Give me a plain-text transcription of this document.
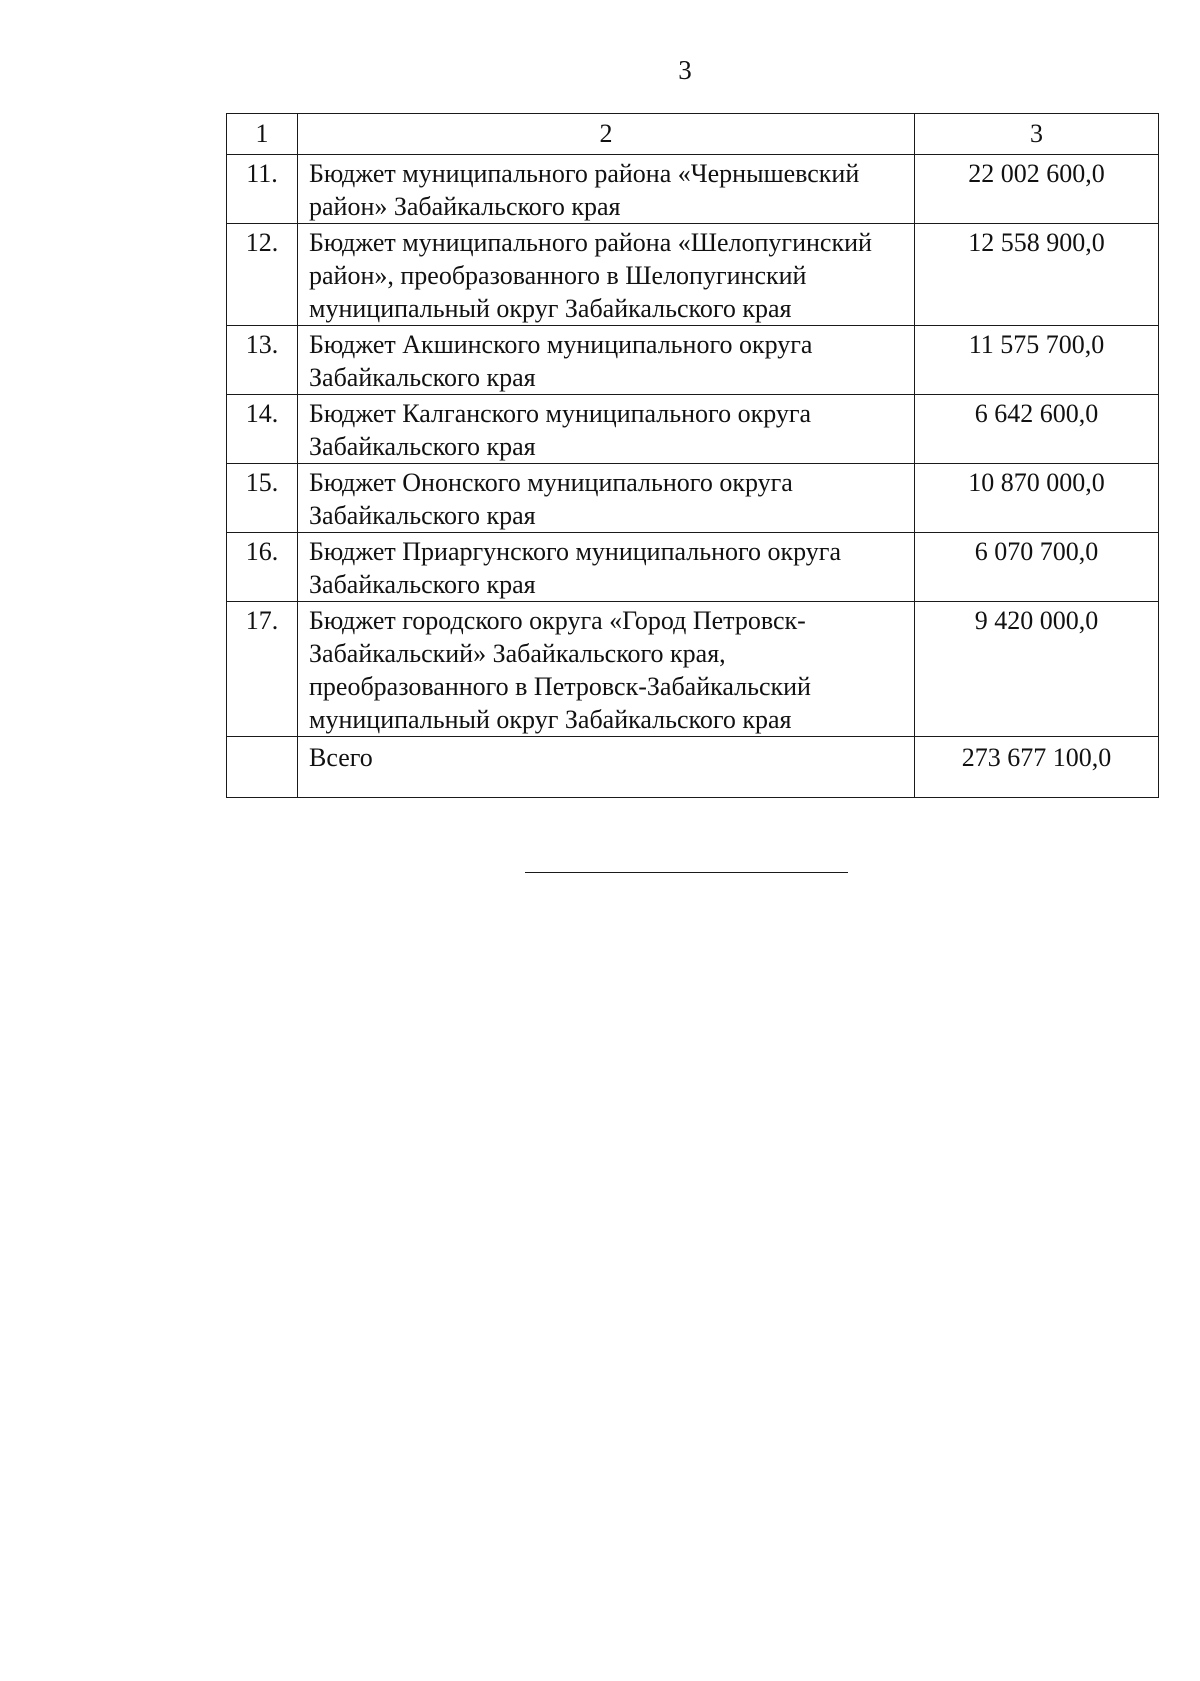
3
1	2	3
11.	Бюджет муниципального района «Чернышевский район» Забайкальского края	22 002 600,0
12.	Бюджет муниципального района «Шелопугинский район», преобразованного в Шелопугинский муниципальный округ Забайкальского края	12 558 900,0
13.	Бюджет Акшинского муниципального округа Забайкальского края	11 575 700,0
14.	Бюджет Калганского муниципального округа Забайкальского края	6 642 600,0
15.	Бюджет Ононского муниципального округа Забайкальского края	10 870 000,0
16.	Бюджет Приаргунского муниципального округа Забайкальского края	6 070 700,0
17.	Бюджет городского округа «Город Петровск-Забайкальский» Забайкальского края, преобразованного в Петровск-Забайкальский муниципальный округ Забайкальского края	9 420 000,0
	Всего	273 677 100,0
